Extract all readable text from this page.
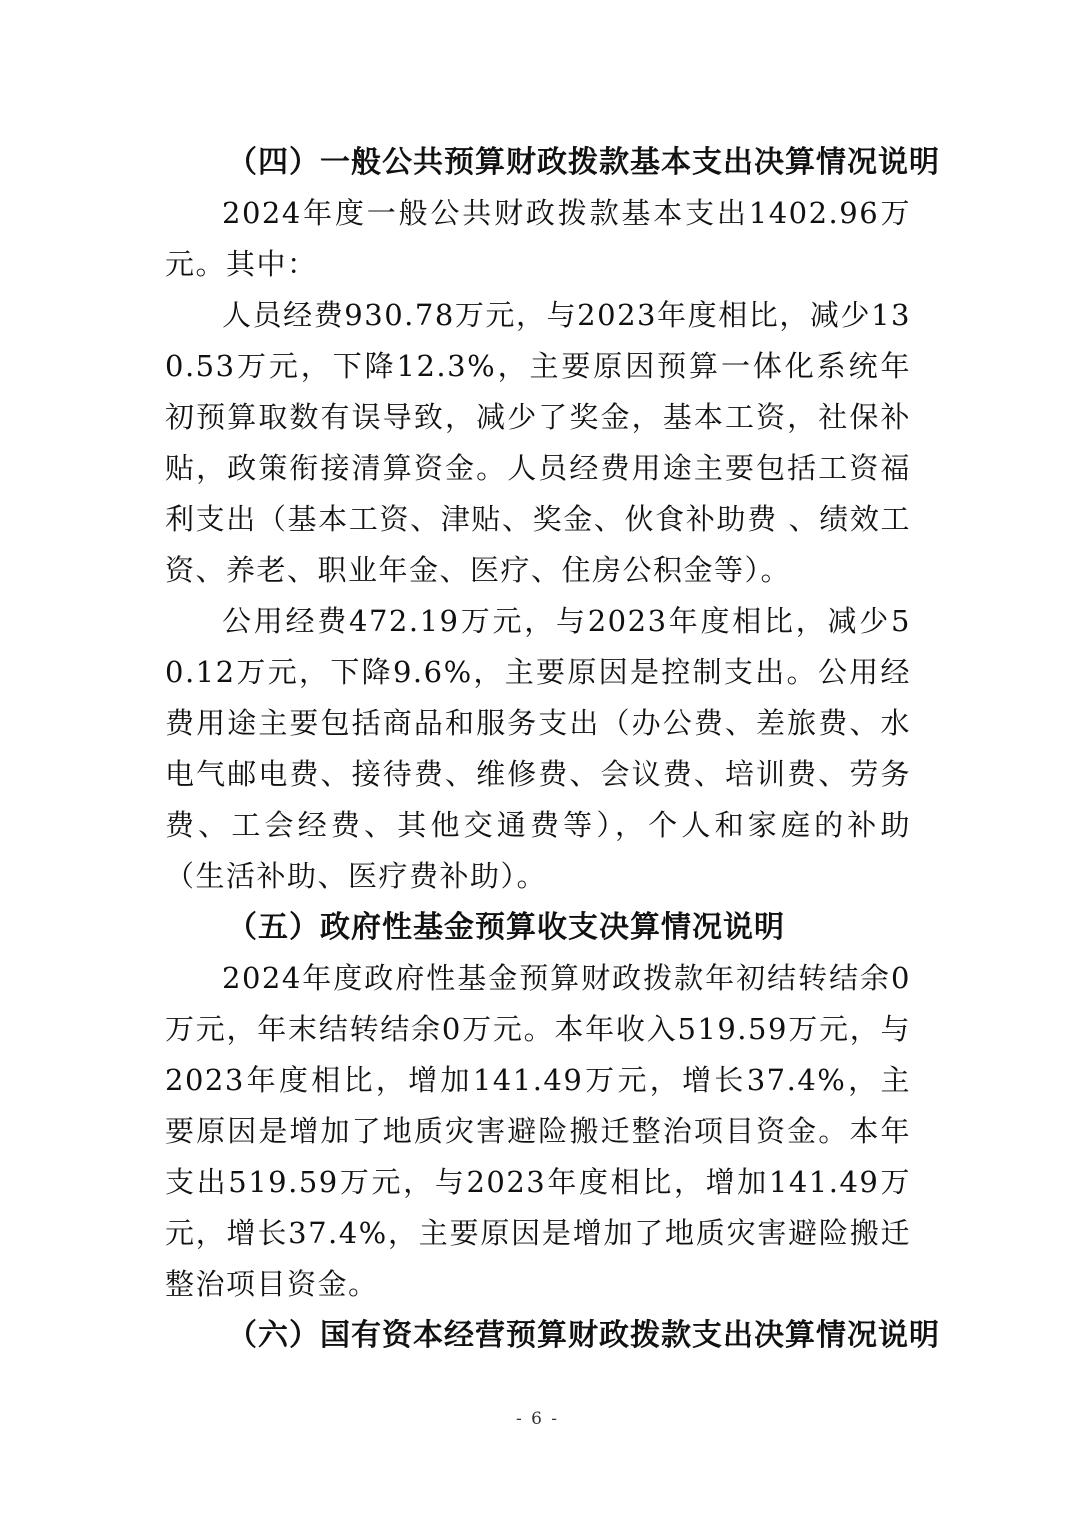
（四）一般公共预算财政拨款基本支出决算情况说明

2024年度一般公共财政拨款基本支出1402.96万元。其中：

人员经费930.78万元，与2023年度相比，减少130.53万元，下降12.3%，主要原因预算一体化系统年初预算取数有误导致，减少了奖金，基本工资，社保补贴，政策衔接清算资金。人员经费用途主要包括工资福利支出（基本工资、津贴、奖金、伙食补助费 、绩效工资、养老、职业年金、医疗、住房公积金等）。

公用经费472.19万元，与2023年度相比，减少50.12万元，下降9.6%，主要原因是控制支出。公用经费用途主要包括商品和服务支出（办公费、差旅费、水电气邮电费、接待费、维修费、会议费、培训费、劳务费、工会经费、其他交通费等），个人和家庭的补助（生活补助、医疗费补助）。

（五）政府性基金预算收支决算情况说明

2024年度政府性基金预算财政拨款年初结转结余0万元，年末结转结余0万元。本年收入519.59万元，与2023年度相比，增加141.49万元，增长37.4%，主要原因是增加了地质灾害避险搬迁整治项目资金。本年支出519.59万元，与2023年度相比，增加141.49万元，增长37.4%，主要原因是增加了地质灾害避险搬迁整治项目资金。

（六）国有资本经营预算财政拨款支出决算情况说明
- 6 -
